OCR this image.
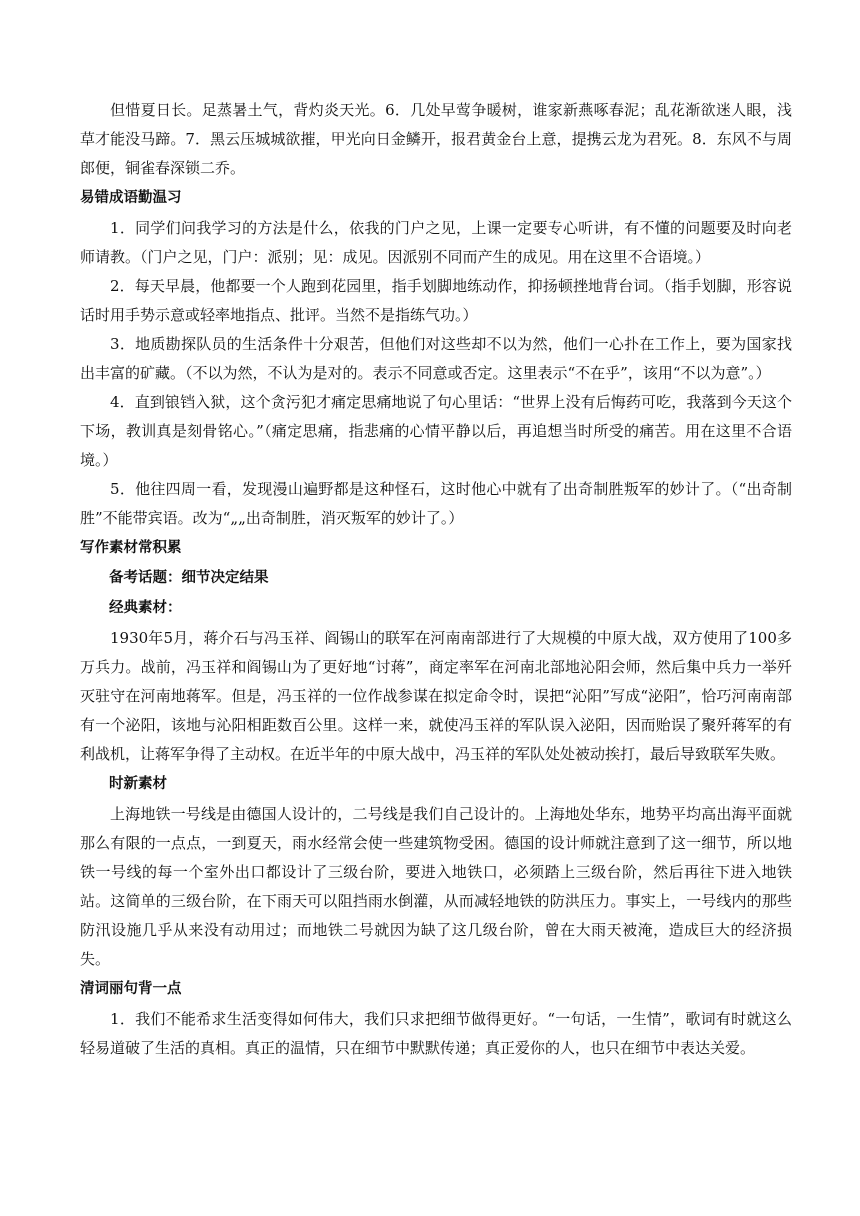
但惜夏日长。足蒸暑土气，背灼炎天光。6．几处早莺争暖树，谁家新燕啄春泥；乱花渐欲迷人眼，浅草才能没马蹄。7．黑云压城城欲摧，甲光向日金鳞开，报君黄金台上意，提携云龙为君死。8．东风不与周郎便，铜雀春深锁二乔。

易错成语勤温习

1．同学们问我学习的方法是什么，依我的门户之见，上课一定要专心听讲，有不懂的问题要及时向老师请教。（门户之见，门户：派别；见：成见。因派别不同而产生的成见。用在这里不合语境。）

2．每天早晨，他都要一个人跑到花园里，指手划脚地练动作，抑扬顿挫地背台词。（指手划脚，形容说话时用手势示意或轻率地指点、批评。当然不是指练气功。）

3．地质勘探队员的生活条件十分艰苦，但他们对这些却不以为然，他们一心扑在工作上，要为国家找出丰富的矿藏。（不以为然，不认为是对的。表示不同意或否定。这里表示“不在乎”，该用“不以为意”。）

4．直到锒铛入狱，这个贪污犯才痛定思痛地说了句心里话：“世界上没有后悔药可吃，我落到今天这个下场，教训真是刻骨铭心。”（痛定思痛，指悲痛的心情平静以后，再追想当时所受的痛苦。用在这里不合语境。）

5．他往四周一看，发现漫山遍野都是这种怪石，这时他心中就有了出奇制胜叛军的妙计了。（“出奇制胜”不能带宾语。改为“„„出奇制胜，消灭叛军的妙计了。）

写作素材常积累

备考话题：细节决定结果

经典素材：

1930年5月，蒋介石与冯玉祥、阎锡山的联军在河南南部进行了大规模的中原大战，双方使用了100多万兵力。战前，冯玉祥和阎锡山为了更好地“讨蒋”，商定率军在河南北部地沁阳会师，然后集中兵力一举歼灭驻守在河南地蒋军。但是，冯玉祥的一位作战参谋在拟定命令时，误把“沁阳”写成“泌阳”，恰巧河南南部有一个泌阳，该地与沁阳相距数百公里。这样一来，就使冯玉祥的军队误入泌阳，因而贻误了聚歼蒋军的有利战机，让蒋军争得了主动权。在近半年的中原大战中，冯玉祥的军队处处被动挨打，最后导致联军失败。

时新素材

上海地铁一号线是由德国人设计的，二号线是我们自己设计的。上海地处华东，地势平均高出海平面就那么有限的一点点，一到夏天，雨水经常会使一些建筑物受困。德国的设计师就注意到了这一细节，所以地铁一号线的每一个室外出口都设计了三级台阶，要进入地铁口，必须踏上三级台阶，然后再往下进入地铁站。这简单的三级台阶，在下雨天可以阻挡雨水倒灌，从而减轻地铁的防洪压力。事实上，一号线内的那些防汛设施几乎从来没有动用过；而地铁二号就因为缺了这几级台阶，曾在大雨天被淹，造成巨大的经济损失。

清词丽句背一点

1．我们不能希求生活变得如何伟大，我们只求把细节做得更好。“一句话，一生情”，歌词有时就这么轻易道破了生活的真相。真正的温情，只在细节中默默传递；真正爱你的人，也只在细节中表达关爱。
